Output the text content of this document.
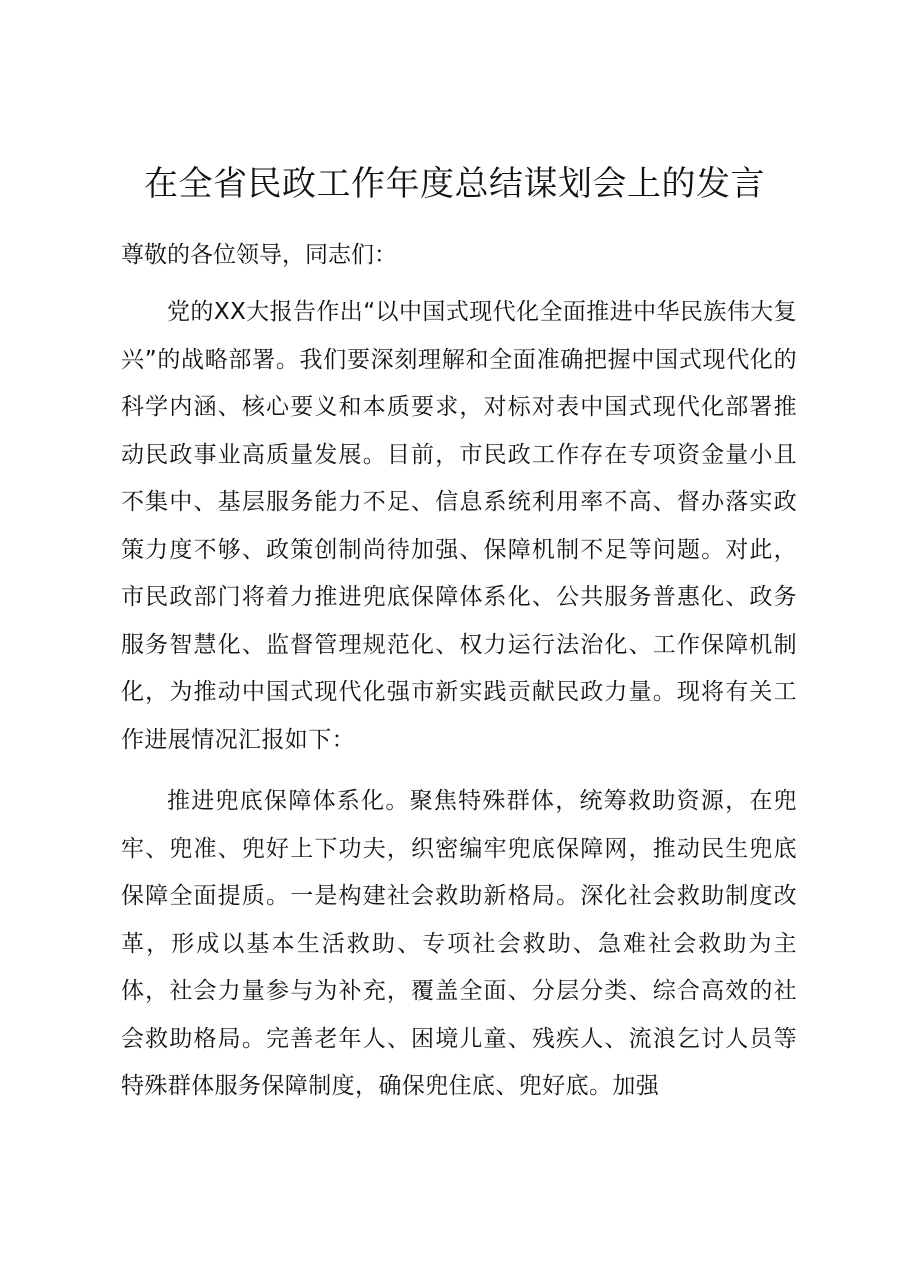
在全省民政工作年度总结谋划会上的发言

尊敬的各位领导，同志们：

党的XX大报告作出“以中国式现代化全面推进中华民族伟大复兴”的战略部署。我们要深刻理解和全面准确把握中国式现代化的科学内涵、核心要义和本质要求，对标对表中国式现代化部署推动民政事业高质量发展。目前，市民政工作存在专项资金量小且不集中、基层服务能力不足、信息系统利用率不高、督办落实政策力度不够、政策创制尚待加强、保障机制不足等问题。对此，市民政部门将着力推进兜底保障体系化、公共服务普惠化、政务服务智慧化、监督管理规范化、权力运行法治化、工作保障机制化，为推动中国式现代化强市新实践贡献民政力量。现将有关工作进展情况汇报如下：

推进兜底保障体系化。聚焦特殊群体，统筹救助资源，在兜牢、兜准、兜好上下功夫，织密编牢兜底保障网，推动民生兜底保障全面提质。一是构建社会救助新格局。深化社会救助制度改革，形成以基本生活救助、专项社会救助、急难社会救助为主体，社会力量参与为补充，覆盖全面、分层分类、综合高效的社会救助格局。完善老年人、困境儿童、残疾人、流浪乞讨人员等特殊群体服务保障制度，确保兜住底、兜好底。加强
